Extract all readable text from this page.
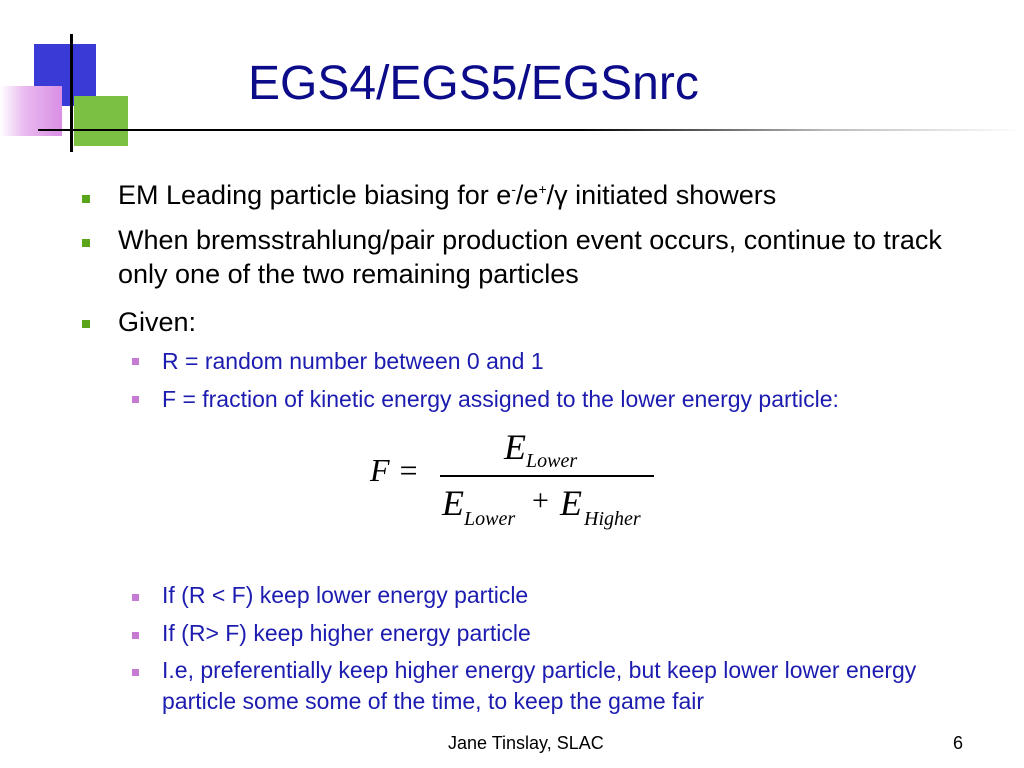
EGS4/EGS5/EGSnrc
EM Leading particle biasing for e-/e+/γ initiated showers
When bremsstrahlung/pair production event occurs, continue to track only one of the two remaining particles
Given:
R = random number between 0 and 1
F = fraction of kinetic energy assigned to the lower energy particle:
F =
E Lower
E Lower
+ E Higher
If (R < F) keep lower energy particle
If (R> F) keep higher energy particle
I.e, preferentially keep higher energy particle, but keep lower lower energy particle some some of the time, to keep the game fair
Jane Tinslay, SLAC	6
